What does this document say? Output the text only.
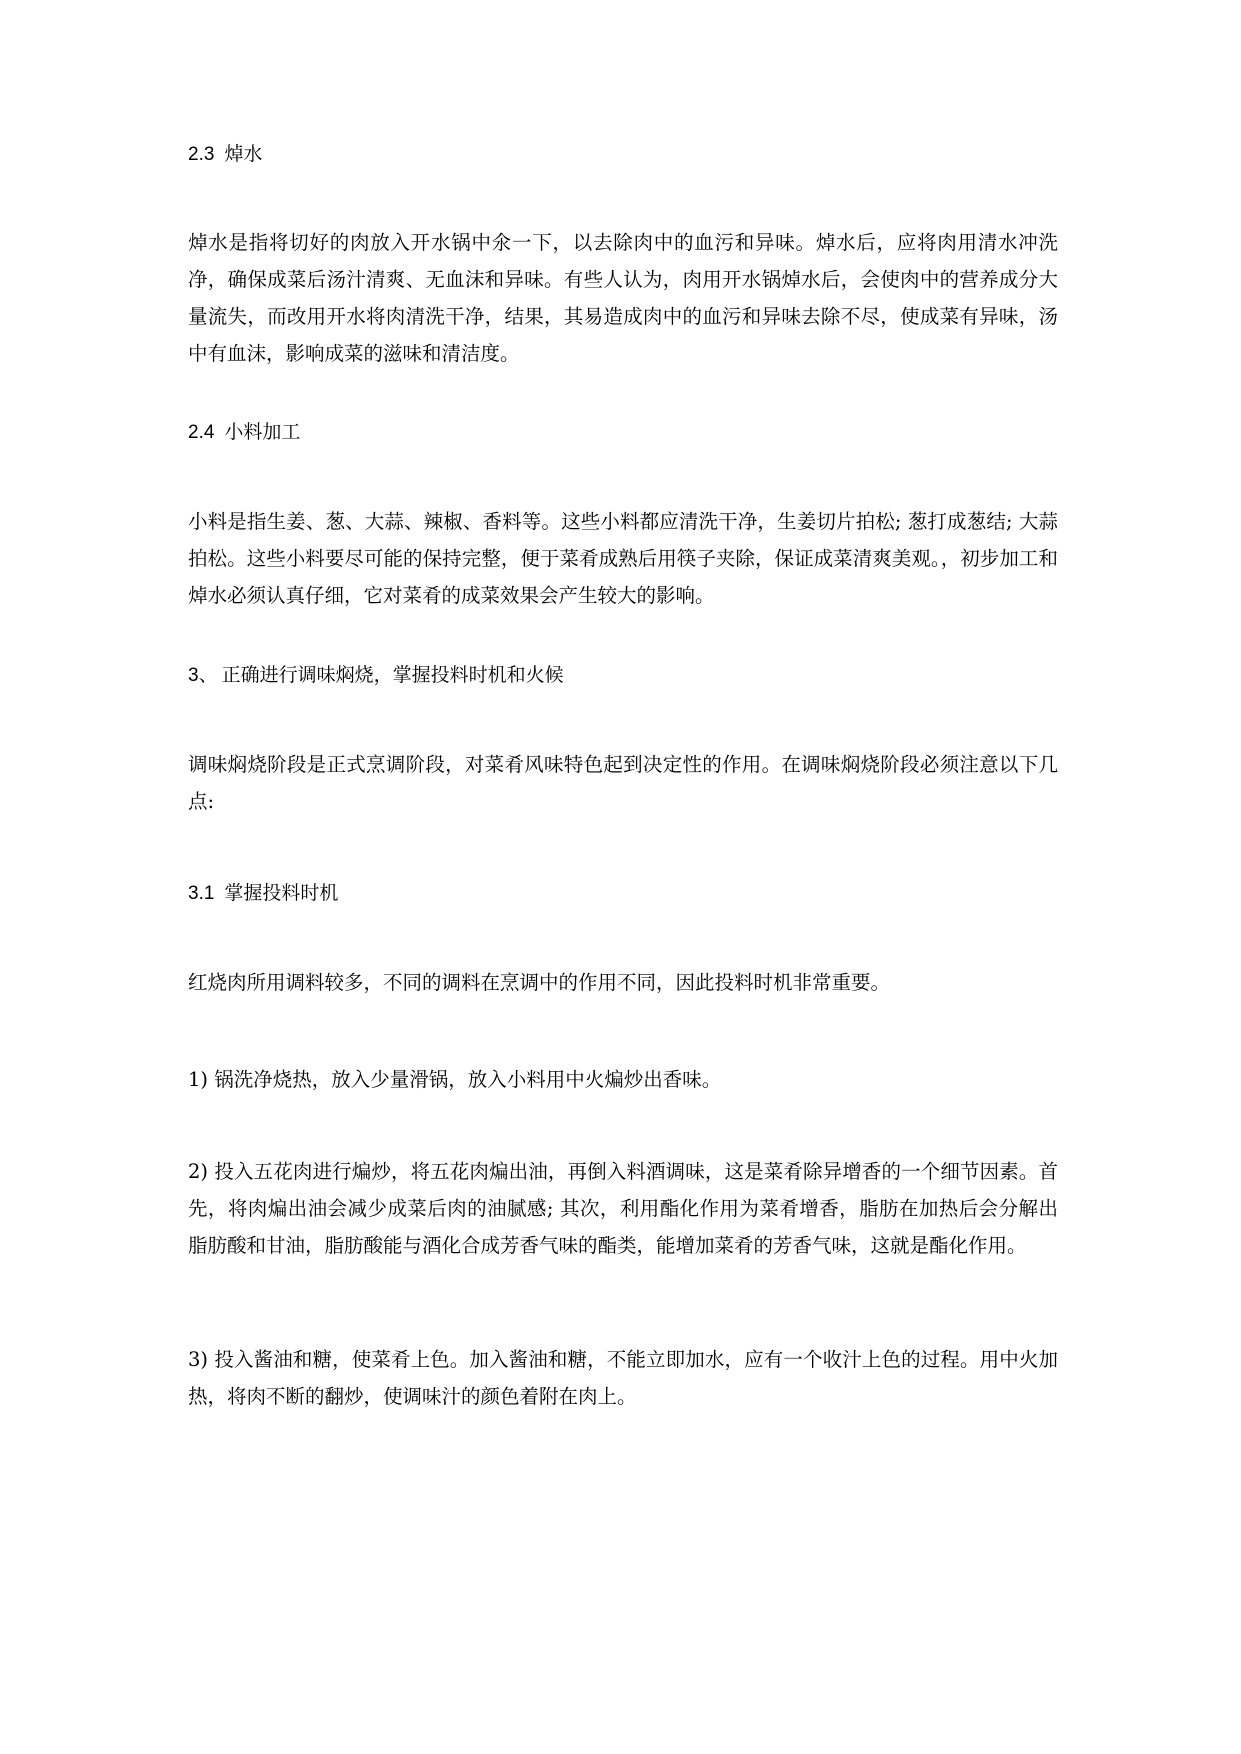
2.3 焯水
焯水是指将切好的肉放入开水锅中氽一下，以去除肉中的血污和异味。焯水后，应将肉用清水冲洗净，确保成菜后汤汁清爽、无血沫和异味。有些人认为，肉用开水锅焯水后，会使肉中的营养成分大量流失，而改用开水将肉清洗干净，结果，其易造成肉中的血污和异味去除不尽，使成菜有异味，汤中有血沫，影响成菜的滋味和清洁度。
2.4 小料加工
小料是指生姜、葱、大蒜、辣椒、香料等。这些小料都应清洗干净，生姜切片拍松; 葱打成葱结; 大蒜拍松。这些小料要尽可能的保持完整，便于菜肴成熟后用筷子夹除，保证成菜清爽美观。，初步加工和焯水必须认真仔细，它对菜肴的成菜效果会产生较大的影响。
3、 正确进行调味焖烧，掌握投料时机和火候
调味焖烧阶段是正式烹调阶段，对菜肴风味特色起到决定性的作用。在调味焖烧阶段必须注意以下几点:
3.1 掌握投料时机
红烧肉所用调料较多，不同的调料在烹调中的作用不同，因此投料时机非常重要。
1) 锅洗净烧热，放入少量滑锅，放入小料用中火煸炒出香味。
2) 投入五花肉进行煸炒，将五花肉煸出油，再倒入料酒调味，这是菜肴除异增香的一个细节因素。首先，将肉煸出油会减少成菜后肉的油腻感; 其次，利用酯化作用为菜肴增香，脂肪在加热后会分解出脂肪酸和甘油，脂肪酸能与酒化合成芳香气味的酯类，能增加菜肴的芳香气味，这就是酯化作用。
3) 投入酱油和糖，使菜肴上色。加入酱油和糖，不能立即加水，应有一个收汁上色的过程。用中火加热，将肉不断的翻炒，使调味汁的颜色着附在肉上。
